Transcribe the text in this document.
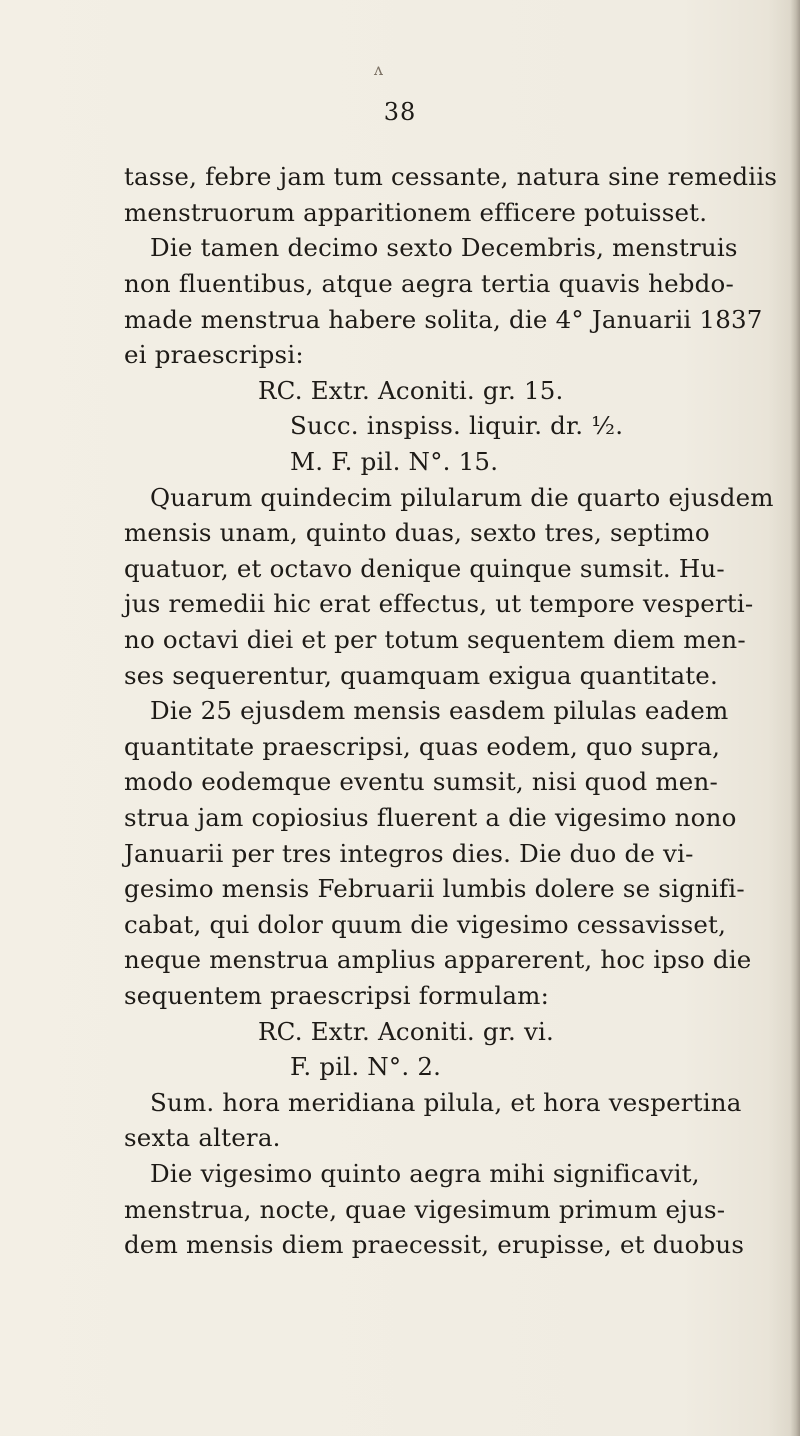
ʌ
38
tasse, febre jam tum cessante, natura sine remediis
menstruorum apparitionem efficere potuisset.
Die tamen decimo sexto Decembris, menstruis
non fluentibus, atque aegra tertia quavis hebdo-
made menstrua habere solita, die 4° Januarii 1837
ei praescripsi:
RC. Extr. Aconiti. gr. 15.
Succ. inspiss. liquir. dr. ½.
M. F. pil. N°. 15.
Quarum quindecim pilularum die quarto ejusdem
mensis unam, quinto duas, sexto tres, septimo
quatuor, et octavo denique quinque sumsit. Hu-
jus remedii hic erat effectus, ut tempore vesperti-
no octavi diei et per totum sequentem diem men-
ses sequerentur, quamquam exigua quantitate.
Die 25 ejusdem mensis easdem pilulas eadem
quantitate praescripsi, quas eodem, quo supra,
modo eodemque eventu sumsit, nisi quod men-
strua jam copiosius fluerent a die vigesimo nono
Januarii per tres integros dies. Die duo de vi-
gesimo mensis Februarii lumbis dolere se signifi-
cabat, qui dolor quum die vigesimo cessavisset,
neque menstrua amplius apparerent, hoc ipso die
sequentem praescripsi formulam:
RC. Extr. Aconiti. gr. vi.
F. pil. N°. 2.
Sum. hora meridiana pilula, et hora vespertina
sexta altera.
Die vigesimo quinto aegra mihi significavit,
menstrua, nocte, quae vigesimum primum ejus-
dem mensis diem praecessit, erupisse, et duobus
